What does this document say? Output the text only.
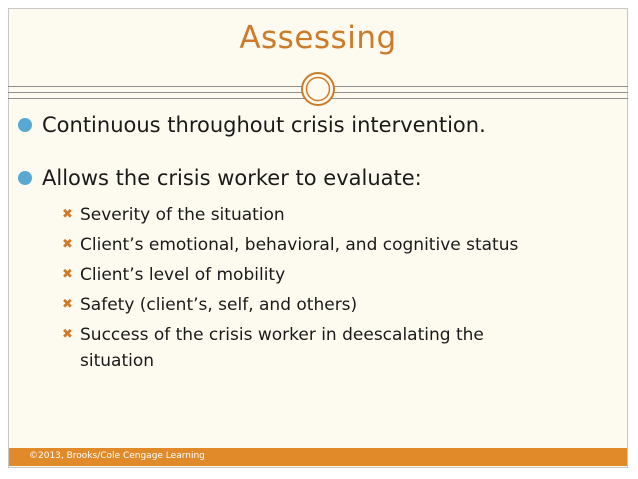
Assessing
Continuous throughout crisis intervention.
Allows the crisis worker to evaluate:
✖ Severity of the situation
✖ Client’s emotional, behavioral, and cognitive status
✖ Client’s level of mobility
✖ Safety (client’s, self, and others)
✖ Success of the crisis worker in deescalating the
situation
©2013, Brooks/Cole Cengage Learning
